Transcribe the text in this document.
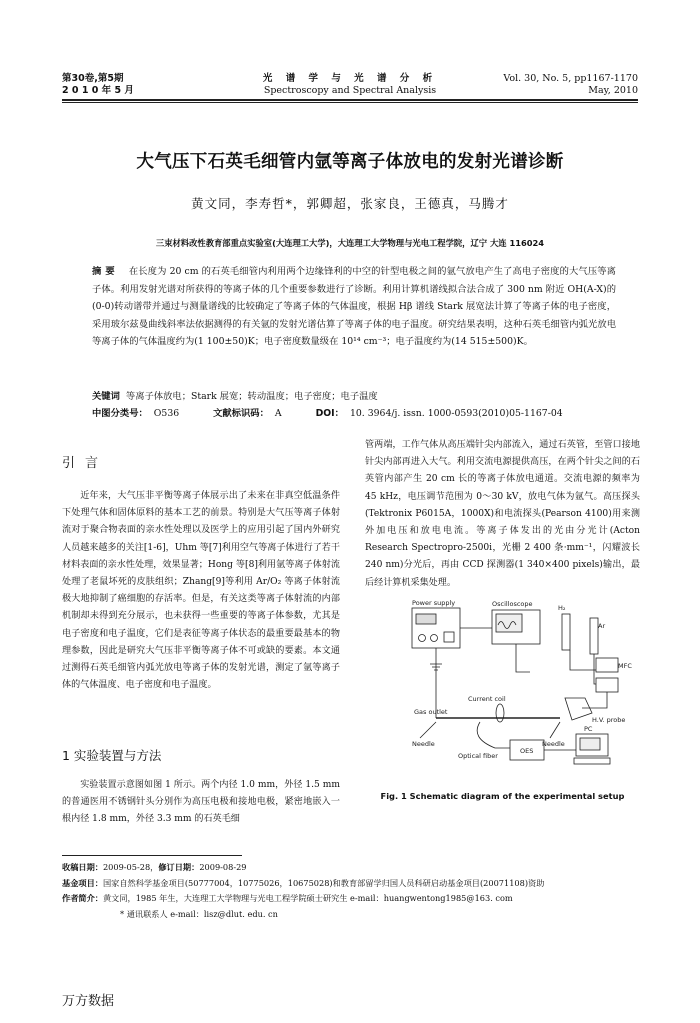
第30卷,第5期
2 0 1 0 年 5 月
光 谱 学 与 光 谱 分 析
Spectroscopy and Spectral Analysis
Vol. 30, No. 5, pp1167-1170
May, 2010
大气压下石英毛细管内氩等离子体放电的发射光谱诊断
黄文同，李寿哲*，郭卿超，张家良，王德真，马腾才
三束材料改性教育部重点实验室(大连理工大学)，大连理工大学物理与光电工程学院，辽宁 大连 116024
摘要 在长度为 20 cm 的石英毛细管内利用两个边缘锋利的中空的针型电极之间的氩气放电产生了高电子密度的大气压等离子体。利用发射光谱对所获得的等离子体的几个重要参数进行了诊断。利用计算机谱线拟合法合成了 300 nm 附近 OH(A-X)的(0-0)转动谱带并通过与测量谱线的比较确定了等离子体的气体温度，根据 Hβ 谱线 Stark 展宽法计算了等离子体的电子密度，采用玻尔兹曼曲线斜率法依据测得的有关氩的发射光谱估算了等离子体的电子温度。研究结果表明，这种石英毛细管内弧光放电等离子体的气体温度约为(1 100±50)K；电子密度数量级在 10¹⁴ cm⁻³；电子温度约为(14 515±500)K。
关键词 等离子体放电；Stark 展宽；转动温度；电子密度；电子温度
中图分类号： O536	文献标识码： A	DOI： 10. 3964/j. issn. 1000-0593(2010)05-1167-04
引言

近年来，大气压非平衡等离子体展示出了未来在非真空低温条件下处理气体和固体原料的基本工艺的前景。特别是大气压等离子体射流对于聚合物表面的亲水性处理以及医学上的应用引起了国内外研究人员越来越多的关注[1-6]，Uhm 等[7]利用空气等离子体进行了若干材料表面的亲水性处理，效果显著；Hong 等[8]利用氩等离子体射流处理了老鼠坏死的皮肤组织；Zhang[9]等利用 Ar/O₂ 等离子体射流极大地抑制了癌细胞的存活率。但是，有关这类等离子体射流的内部机制却未得到充分展示，也未获得一些重要的等离子体参数，尤其是电子密度和电子温度，它们是表征等离子体状态的最重要最基本的物理参数，因此是研究大气压非平衡等离子体不可或缺的要素。本文通过测得石英毛细管内弧光放电等离子体的发射光谱，测定了氩等离子体的气体温度、电子密度和电子温度。

1 实验装置与方法

实验装置示意图如图 1 所示。两个内径 1.0 mm，外径 1.5 mm 的普通医用不锈钢针头分别作为高压电极和接地电极，紧密地嵌入一根内径 1.8 mm，外径 3.3 mm 的石英毛细

管两端，工作气体从高压端针尖内部流入，通过石英管，至管口接地针尖内部再进入大气。利用交流电源提供高压，在两个针尖之间的石英管内部产生 20 cm 长的等离子体放电通道。交流电源的频率为 45 kHz，电压调节范围为 0～30 kV，放电气体为氩气。高压探头(Tektronix P6015A，1000X)和电流探头(Pearson 4100)用来测外加电压和放电电流。等离子体发出的光由分光计(Acton Research Spectropro-2500i，光栅 2 400 条·mm⁻¹，闪耀波长 240 nm)分光后，再由 CCD 探测器(1 340×400 pixels)输出，最后经计算机采集处理。

Power supply	Oscilloscope	H₂
Ar
MFC
Current coil
H.V. probe
Gas outlet
Needle	Needle
Optical fiber
OES
PC
Fig. 1 Schematic diagram of the experimental setup
收稿日期：2009-05-28，修订日期：2009-08-29
基金项目：国家自然科学基金项目(50777004，10775026，10675028)和教育部留学归国人员科研启动基金项目(20071108)资助
作者简介：黄文同，1985 年生，大连理工大学物理与光电工程学院硕士研究生 e-mail：huangwentong1985@163. com
* 通讯联系人 e-mail：lisz@dlut. edu. cn
万方数据
